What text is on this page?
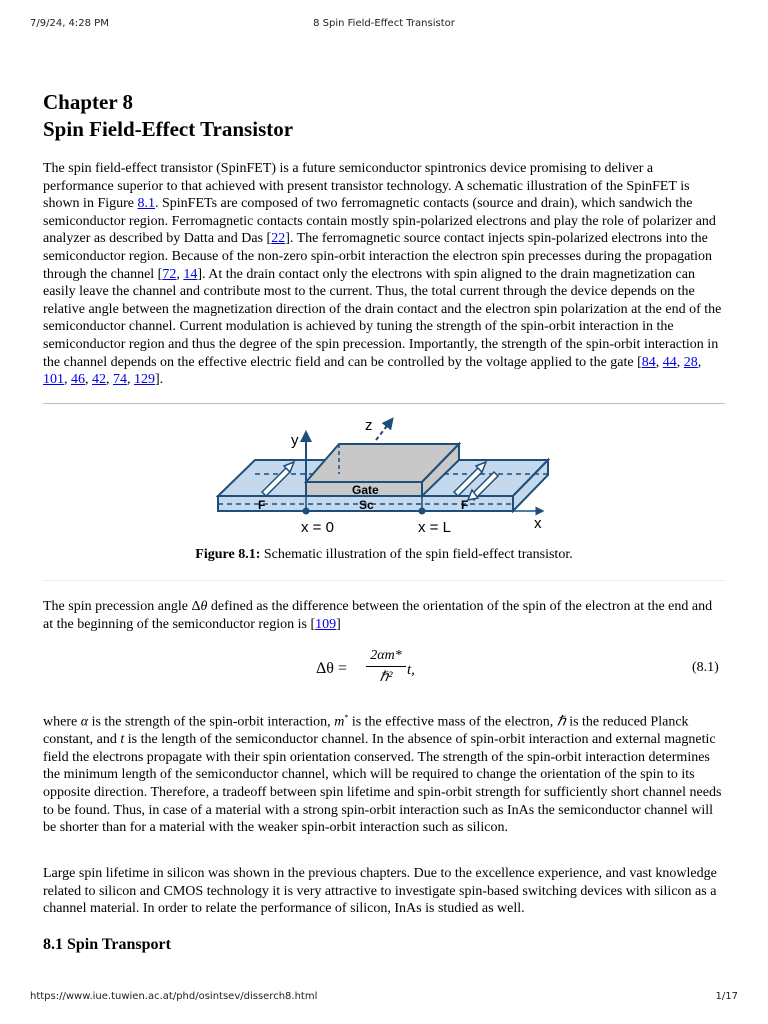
7/9/24, 4:28 PM	8 Spin Field-Effect Transistor
Chapter 8
Spin Field-Effect Transistor

The spin field-effect transistor (SpinFET) is a future semiconductor spintronics device promising to deliver a performance superior to that achieved with present transistor technology. A schematic illustration of the SpinFET is shown in Figure 8.1. SpinFETs are composed of two ferromagnetic contacts (source and drain), which sandwich the semiconductor region. Ferromagnetic contacts contain mostly spin-polarized electrons and play the role of polarizer and analyzer as described by Datta and Das [22]. The ferromagnetic source contact injects spin-polarized electrons into the semiconductor region. Because of the non-zero spin-orbit interaction the electron spin precesses during the propagation through the channel [72, 14]. At the drain contact only the electrons with spin aligned to the drain magnetization can easily leave the channel and contribute most to the current. Thus, the total current through the device depends on the relative angle between the magnetization direction of the drain contact and the electron spin polarization at the end of the semiconductor channel. Current modulation is achieved by tuning the strength of the spin-orbit interaction in the semiconductor region and thus the degree of the spin precession. Importantly, the strength of the spin-orbit interaction in the channel depends on the effective electric field and can be controlled by the voltage applied to the gate [84, 44, 28, 101, 46, 42, 74, 129].

y
z
x
Gate
Sc
F	F
x = 0	x = L
Figure 8.1: Schematic illustration of the spin field-effect transistor.

The spin precession angle Δθ defined as the difference between the orientation of the spin of the electron at the end and at the beginning of the semiconductor region is [109]

Δθ =
2αm*
ℏ² t,	(8.1)

where α is the strength of the spin-orbit interaction, m* is the effective mass of the electron, ℏ is the reduced Planck constant, and t is the length of the semiconductor channel. In the absence of spin-orbit interaction and external magnetic field the electrons propagate with their spin orientation conserved. The strength of the spin-orbit interaction determines the minimum length of the semiconductor channel, which will be required to change the orientation of the spin to its opposite direction. Therefore, a tradeoff between spin lifetime and spin-orbit strength for sufficiently short channel needs to be found. Thus, in case of a material with a strong spin-orbit interaction such as InAs the semiconductor channel will be shorter than for a material with the weaker spin-orbit interaction such as silicon.

Large spin lifetime in silicon was shown in the previous chapters. Due to the excellence experience, and vast knowledge related to silicon and CMOS technology it is very attractive to investigate spin-based switching devices with silicon as a channel material. In order to relate the performance of silicon, InAs is studied as well.

8.1 Spin Transport
https://www.iue.tuwien.ac.at/phd/osintsev/disserch8.html	1/17
